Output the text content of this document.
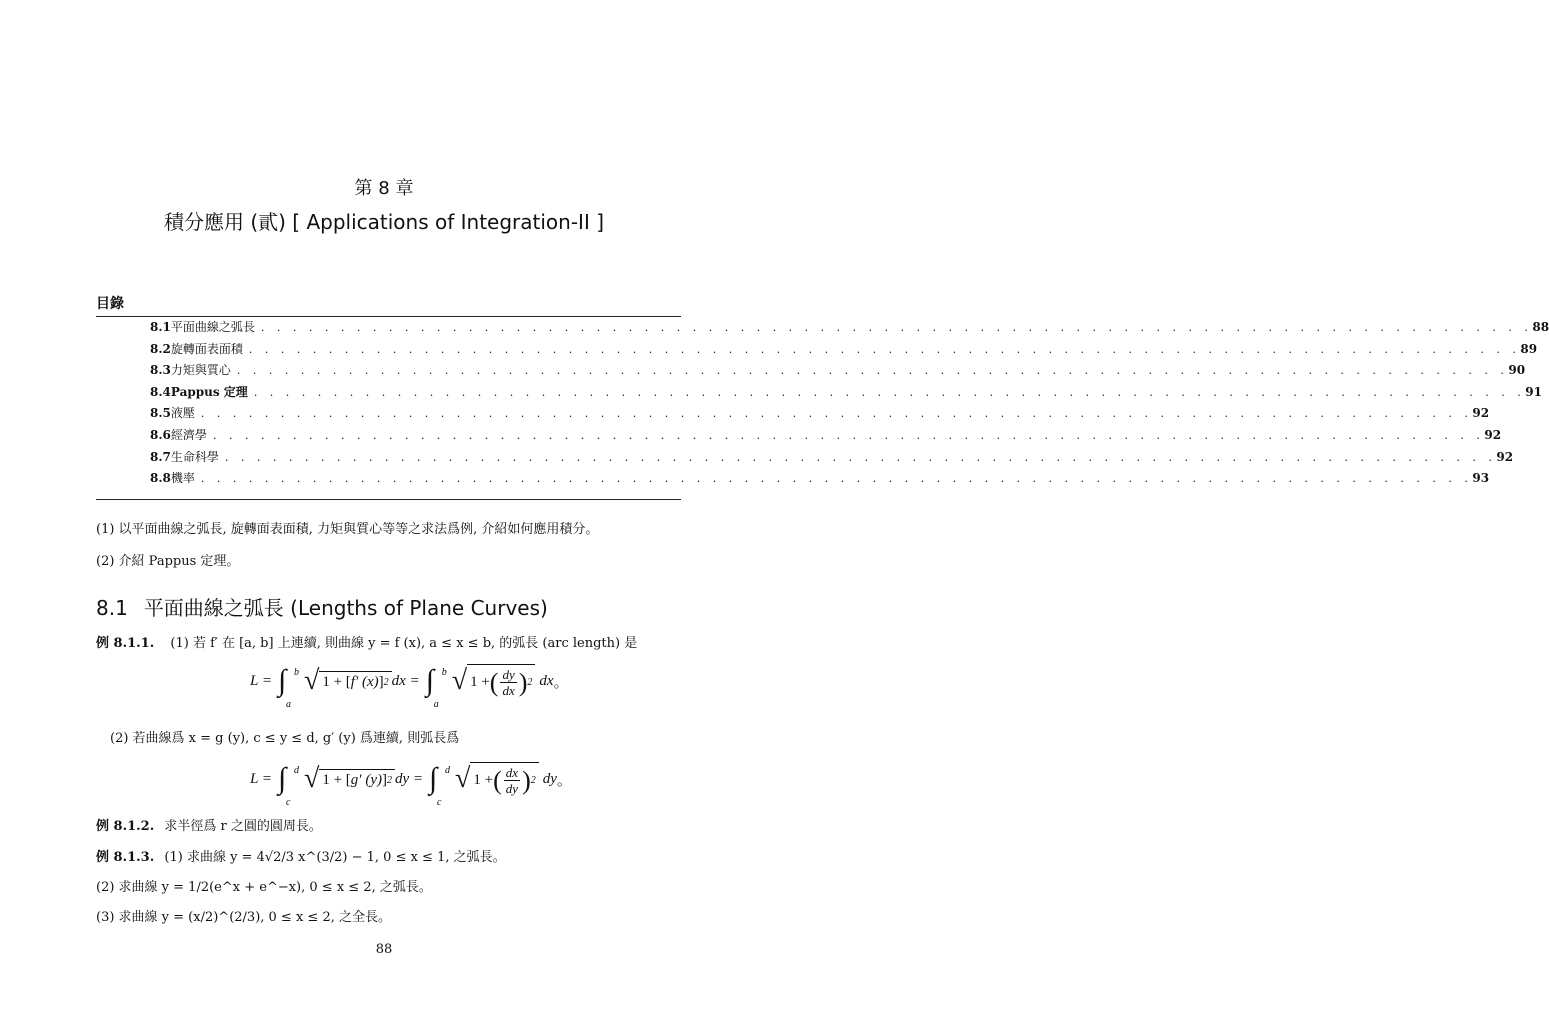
第 8 章
積分應用 (貳) [ Applications of Integration-II ]
目錄
8.1 平面曲線之弧長 . . . . . . . . . . . . . . . . . . . . . . . . . . . . . . . . . . . . . . . . . . . . . . . . . . . . . . . . . . . . . . . . . . . . . . . . . . . . . . . . 88
8.2 旋轉面表面積 . . . . . . . . . . . . . . . . . . . . . . . . . . . . . . . . . . . . . . . . . . . . . . . . . . . . . . . . . . . . . . . . . . . . . . . . . . . . . . . . 89
8.3 力矩與質心 . . . . . . . . . . . . . . . . . . . . . . . . . . . . . . . . . . . . . . . . . . . . . . . . . . . . . . . . . . . . . . . . . . . . . . . . . . . . . . . . 90
8.4 Pappus 定理 . . . . . . . . . . . . . . . . . . . . . . . . . . . . . . . . . . . . . . . . . . . . . . . . . . . . . . . . . . . . . . . . . . . . . . . . . . . . . . . . 91
8.5 液壓 . . . . . . . . . . . . . . . . . . . . . . . . . . . . . . . . . . . . . . . . . . . . . . . . . . . . . . . . . . . . . . . . . . . . . . . . . . . . . . . . 92
8.6 經濟學 . . . . . . . . . . . . . . . . . . . . . . . . . . . . . . . . . . . . . . . . . . . . . . . . . . . . . . . . . . . . . . . . . . . . . . . . . . . . . . . . 92
8.7 生命科學 . . . . . . . . . . . . . . . . . . . . . . . . . . . . . . . . . . . . . . . . . . . . . . . . . . . . . . . . . . . . . . . . . . . . . . . . . . . . . . . . 92
8.8 機率 . . . . . . . . . . . . . . . . . . . . . . . . . . . . . . . . . . . . . . . . . . . . . . . . . . . . . . . . . . . . . . . . . . . . . . . . . . . . . . . . 93
(1) 以平面曲線之弧長, 旋轉面表面積, 力矩與質心等等之求法爲例, 介紹如何應用積分。
(2) 介紹 Pappus 定理。
8.1 平面曲線之弧長 (Lengths of Plane Curves)
例 8.1.1. (1) 若 f′ 在 [a, b] 上連續, 則曲線 y = f (x), a ≤ x ≤ b, 的弧長 (arc length) 是
L = ∫ b
a
√ 1 + [ f′ (x) ] 2 dx = ∫ b
a
√ 1 + ( $\frac{dy}{dx}$ ) 2 dx 。
(2) 若曲線爲 x = g (y), c ≤ y ≤ d, g′ (y) 爲連續, 則弧長爲
L = ∫ d
c
√ 1 + [ g′ (y) ] 2 dy = ∫ d
c
√ 1 + ( $\frac{dx}{dy}$ ) 2 dy 。
例 8.1.2. 求半徑爲 r 之圓的圓周長。
例 8.1.3. (1) 求曲線 y = 4√2/3 x^(3/2) − 1, 0 ≤ x ≤ 1, 之弧長。
(2) 求曲線 y = 1/2(e^x + e^−x), 0 ≤ x ≤ 2, 之弧長。
(3) 求曲線 y = (x/2)^(2/3), 0 ≤ x ≤ 2, 之全長。
88
